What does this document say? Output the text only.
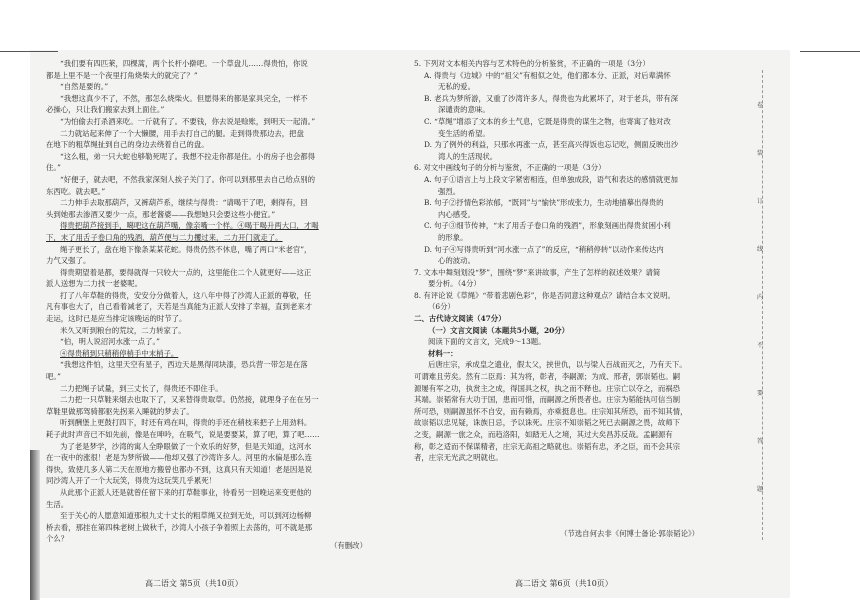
“我们要有四匹莱，四棵蒿，两个长杆小擀吧。一个草盘儿……得贵怕，你说

都是上里不是一个夜里打角烧柴大的就完了？”

“自然是要的。”

“我想这真少不了，不然，那怎么烧柴火。但愿得来的都是家具完全，一样不

必操心，只让我们搬家去到上面住。”

“为怕偷去打杀酒来吃。一斤就有了。不要钱，你去说是赊账，到明天一起清。”

二力就站起来伸了一个大懒腰，用手去打自己的腿。走到得贵那边去，把盘

在地下的粗草绳扯到自己的身边去绕着自己的盘。

“这么粗，弟一只大蛇也够勒死呢了。我想不拉走你都是住。小的房子也会都得

住。”

“好便子，就去吧，不然我家深刻人挨子关门了。你可以到那里去自己给点别的

东西吃。就去吧。”

二力伸手去取那葫芦，又裤葫芦系，继续与得贵：“请喝干了吧，剩得有，回

头到她那去渗酒又要少一点，那老酱婆——我想她只会要这些小便宜。”

得贵把葫芦接到手，噶吧这在葫芦嘴，像亲嘴一个样。④喝干喝升两大口，才喝

下，末了用舌子卷口角的残酒，葫芦便与二力攫过来，二力开门就走了。

绳子更长了，盘在地下像条某某花蛇。得贵仍然不休息，嘴了两口“米老官”，

力气又强了。

得贵期望着是都，要得就得一只较大一点的，这里能住二个人就更好——这正

派人送想为二力找一老婆呢。

打了八年草鞋的得贵，安安分分做着人，这八年中得了沙湾人正派的尊敬，任

凡有事也大了，自己看着减老了，天若是当真能为正派人安排了幸福，直到老来才

走运，这时已是应当排定该晚运的时节了。

米久又听到粮台的荒坟，二力转家了。

“伯，明人说沼河水涨一点了。”

④得贵稍到只稍稍停梢手中末梢子。

“我想这件怕，这里天空有星子，西边天是黑得同块漆，恐兵营一带怎是在落

吧。”

二力把绳子试量，到三丈长了，得贵还不即住手。

二力把一只草鞋来烟去也取下了，又来替得贵取草。仍然接，就理身子在在另一

草鞋里做那驾骑都驱先拐来入睡就的梦去了。

听到酬堡上更鼓打四下，时还有鸡在叫，得贵的手还在稍枝来把子上用劲料。

耗子此时声音已不如先前，像是在呻吟，在吸气，说是要要某，算了吧，算了吧……

为了老是梦学，沙湾的寓人全睁眼做了一个欢乐的好梦，但是天知道，这河水

在一夜中的涨很！老是为梦所做——他却又强了沙湾许多人。河里的水偏是那么连

得快，致使几多人第二天在原地方搬曾也都办不到，这真只有天知道！老是因是说

同沙湾人开了一个大玩笑，得贵为这玩笑几乎累死！

从此那个正派人还是就曾任留下来的打草鞋事业，待看另一回晚运来变更他的

生活。

至于关心的人愿意知道那根九丈十丈长的粗草绳又拉到无处，可以到河边杨柳

桥去看，那挂在第四株老树上做秋千，沙湾人小孩子争着照上去荡的，可不就是那

个么？

（有删改）
高二语文 第5页（共10页）

5. 下列对文本相关内容与艺术特色的分析鉴赏，不正确的一项是（3分）

A. 得贵与《边城》中的“祖父”有相似之处，他们都本分、正派，对后辈满怀

无私的爱。

B. 老兵为梦所游，又重了沙湾许多人，得贵也为此累坏了，对于老兵，带有深

深谴责的意味。

C. “草绳”增添了文本的乡土气息，它既是得贵的谋生之物，也寄寓了他对改

变生活的希望。

D. 为了例外的利益，只那水再涨一点，甚至高兴得饭也忘记吃，侧面反映出沙

湾人的生活现状。

6. 对文中画线句子的分析与鉴赏，不正确的一项是（3分）

A. 句子①语言上与上段文字紧密相连，但单独成段，语气和表达的感情就更加

强烈。

B. 句子②抒情色彩浓郁，“既同”与“愉快”形成张力，生动地描摹出得贵的

内心感受。

C. 句子③细节传神，“末了用舌子卷口角的残酒”，形象刻画出得贵贫困小利

的形象。

D. 句子④写得贵听到“河水涨一点了”的反应，“稍稍停转”以动作来传达内

心的波动。

7. 文本中舞刻划没“梦”，围绕“梦”来讲故事，产生了怎样的叙述效果？请简

要分析。（4分）

8. 有评论说《草绳》“带着悲剧色彩”，你是否同意这种观点？请结合本文说明。

（6分）

二、古代诗文阅读（47分）

（一）文言文阅读（本题共5小题，20分）

阅读下面的文言文，完成9～13题。

材料一：

后唐庄宗，承成皇之遗业，假太父，挟世仇，以与梁人百战而灭之，乃有天下。

可谓难且劳矣。然有二臣焉：其为将，彰者，李嗣源；为成、邢者，郭崇韬也。嗣

源屡有军之功，执赏主之成，得国具之权，执之而不释也。庄宗亡以夺之，而祸恐

其端。崇韬常有大功于国，患而可惜，而嗣源之所畏者也。庄宗为韬能执可信当制

所可恐，则嗣源虽怀不自安，而有赖焉，亦乘挺息也。庄宗知其所恐，而不知其情，

故崇韬以忠见疑，诛族日忌，予以诛死。庄宗不知崇韬之死已去嗣源之畏，故师下

之变，嗣源一旅之众，而趋洛阳，如踏无人之境，其过大矣昌苏反哉。孟嗣源有

称，彰之适而不保谋精者，庄宗无高祖之略就也。崇韬有忠，矛之臣，而不会其宗

者，庄宗无光武之明就也。

（节选自何去非《何博士备论·郭崇韬论》）
高二语文 第6页（共10页）
卷
装
订
线
内
不
要
答
题
